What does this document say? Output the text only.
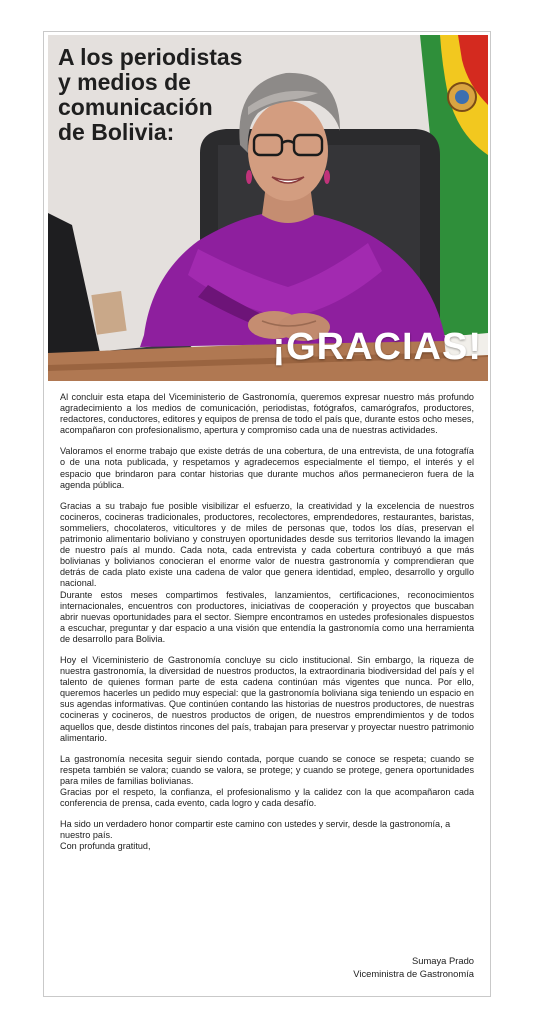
A los periodistas
y medios de
comunicación
de Bolivia:
¡GRACIAS!

Al concluir esta etapa del Viceministerio de Gastronomía, queremos expresar nuestro más profundo agradecimiento a los medios de comunicación, periodistas, fotógrafos, camarógrafos, productores, redactores, conductores, editores y equipos de prensa de todo el país que, durante estos ocho meses, acompañaron con profesionalismo, apertura y compromiso cada una de nuestras actividades.

Valoramos el enorme trabajo que existe detrás de una cobertura, de una entrevista, de una fotografía o de una nota publicada, y respetamos y agradecemos especialmente el tiempo, el interés y el espacio que brindaron para contar historias que durante muchos años permanecieron fuera de la agenda pública.

Gracias a su trabajo fue posible visibilizar el esfuerzo, la creatividad y la excelencia de nuestros cocineros, cocineras tradicionales, productores, recolectores, emprendedores, restaurantes, baristas, sommeliers, chocolateros, viticultores y de miles de personas que, todos los días, preservan el patrimonio alimentario boliviano y construyen oportunidades desde sus territorios llevando la imagen de nuestro país al mundo. Cada nota, cada entrevista y cada cobertura contribuyó a que más bolivianas y bolivianos conocieran el enorme valor de nuestra gastronomía y comprendieran que detrás de cada plato existe una cadena de valor que genera identidad, empleo, desarrollo y orgullo nacional.

Durante estos meses compartimos festivales, lanzamientos, certificaciones, reconocimientos internacionales, encuentros con productores, iniciativas de cooperación y proyectos que buscaban abrir nuevas oportunidades para el sector. Siempre encontramos en ustedes profesionales dispuestos a escuchar, preguntar y dar espacio a una visión que entendía la gastronomía como una herramienta de desarrollo para Bolivia.

Hoy el Viceministerio de Gastronomía concluye su ciclo institucional. Sin embargo, la riqueza de nuestra gastronomía, la diversidad de nuestros productos, la extraordinaria biodiversidad del país y el talento de quienes forman parte de esta cadena continúan más vigentes que nunca. Por ello, queremos hacerles un pedido muy especial: que la gastronomía boliviana siga teniendo un espacio en sus agendas informativas. Que continúen contando las historias de nuestros productores, de nuestras cocineras y cocineros, de nuestros productos de origen, de nuestros emprendimientos y de todos aquellos que, desde distintos rincones del país, trabajan para preservar y proyectar nuestro patrimonio alimentario.

La gastronomía necesita seguir siendo contada, porque cuando se conoce se respeta; cuando se respeta también se valora; cuando se valora, se protege; y cuando se protege, genera oportunidades para miles de familias bolivianas.

Gracias por el respeto, la confianza, el profesionalismo y la calidez con la que acompañaron cada conferencia de prensa, cada evento, cada logro y cada desafío.

Ha sido un verdadero honor compartir este camino con ustedes y servir, desde la gastronomía, a nuestro país.

Con profunda gratitud,

Sumaya Prado
Viceministra de Gastronomía
